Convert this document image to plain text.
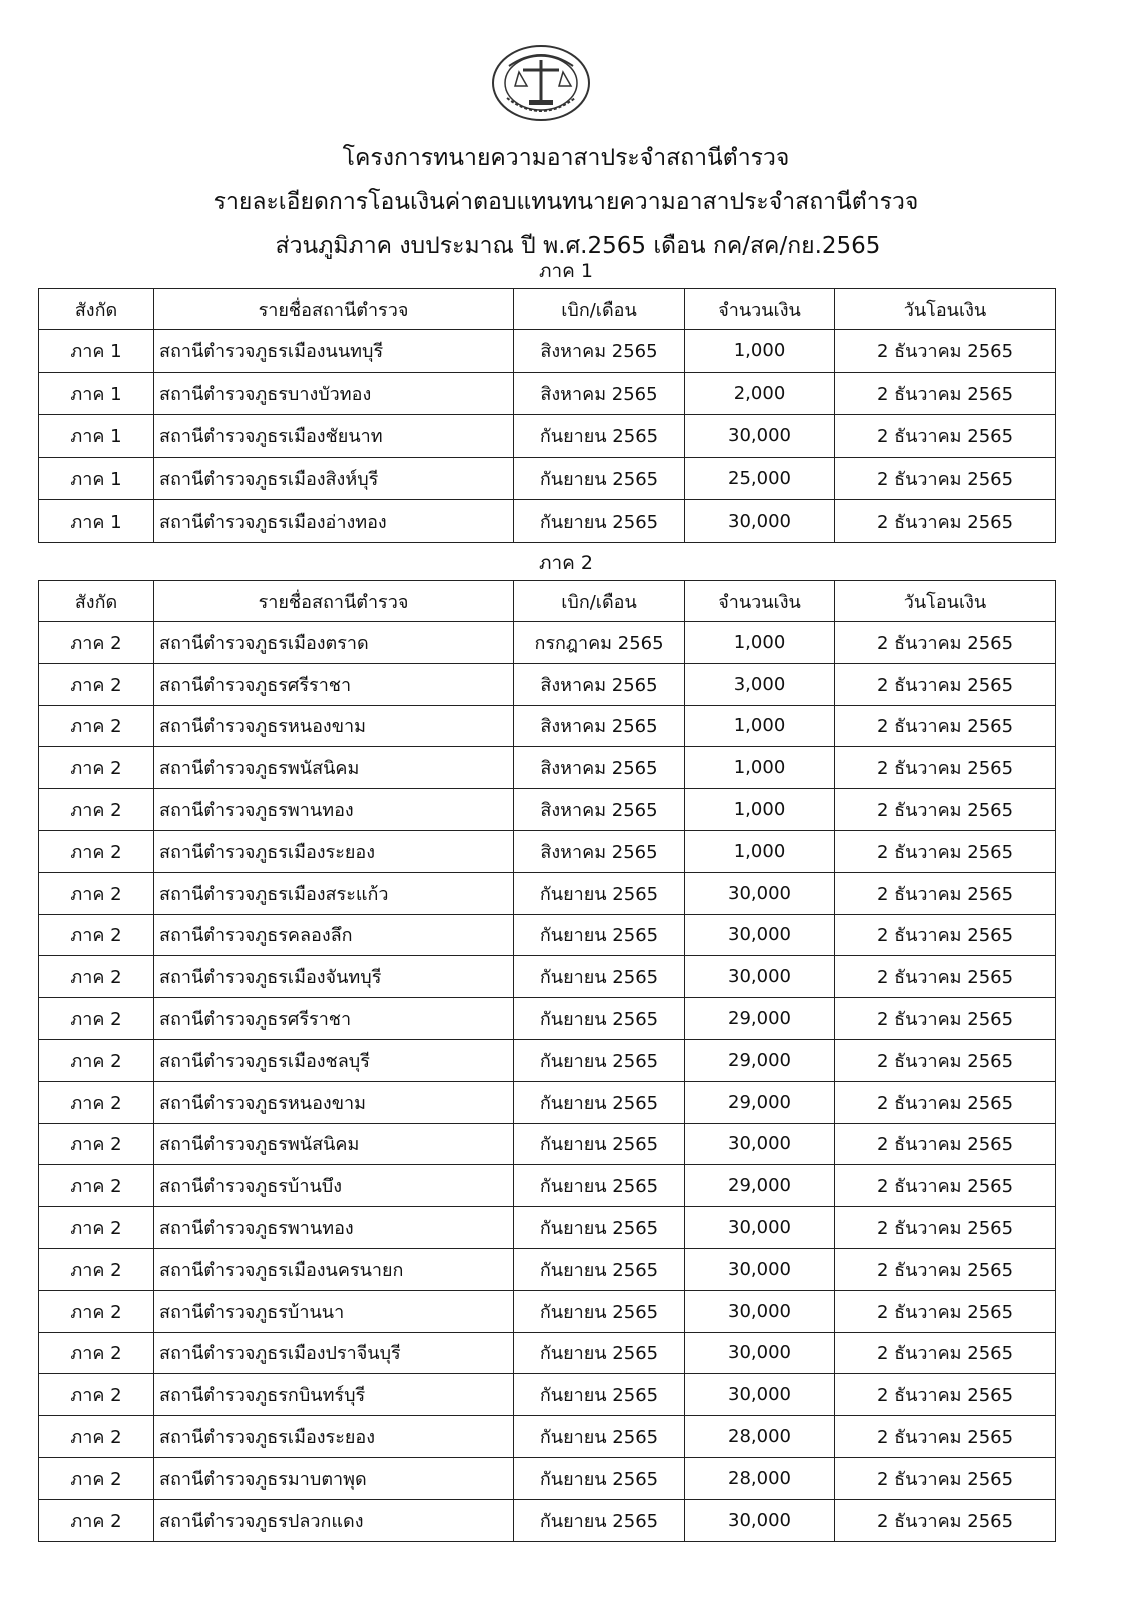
โครงการทนายความอาสาประจำสถานีตำรวจ
รายละเอียดการโอนเงินค่าตอบแทนทนายความอาสาประจำสถานีตำรวจ
ส่วนภูมิภาค งบประมาณ ปี พ.ศ.2565 เดือน กค/สค/กย.2565
ภาค 1
สังกัด	รายชื่อสถานีตำรวจ	เบิก/เดือน	จำนวนเงิน	วันโอนเงิน
ภาค 1	สถานีตำรวจภูธรเมืองนนทบุรี	สิงหาคม 2565	1,000	2 ธันวาคม 2565
ภาค 1	สถานีตำรวจภูธรบางบัวทอง	สิงหาคม 2565	2,000	2 ธันวาคม 2565
ภาค 1	สถานีตำรวจภูธรเมืองชัยนาท	กันยายน 2565	30,000	2 ธันวาคม 2565
ภาค 1	สถานีตำรวจภูธรเมืองสิงห์บุรี	กันยายน 2565	25,000	2 ธันวาคม 2565
ภาค 1	สถานีตำรวจภูธรเมืองอ่างทอง	กันยายน 2565	30,000	2 ธันวาคม 2565
ภาค 2
สังกัด	รายชื่อสถานีตำรวจ	เบิก/เดือน	จำนวนเงิน	วันโอนเงิน
ภาค 2	สถานีตำรวจภูธรเมืองตราด	กรกฎาคม 2565	1,000	2 ธันวาคม 2565
ภาค 2	สถานีตำรวจภูธรศรีราชา	สิงหาคม 2565	3,000	2 ธันวาคม 2565
ภาค 2	สถานีตำรวจภูธรหนองขาม	สิงหาคม 2565	1,000	2 ธันวาคม 2565
ภาค 2	สถานีตำรวจภูธรพนัสนิคม	สิงหาคม 2565	1,000	2 ธันวาคม 2565
ภาค 2	สถานีตำรวจภูธรพานทอง	สิงหาคม 2565	1,000	2 ธันวาคม 2565
ภาค 2	สถานีตำรวจภูธรเมืองระยอง	สิงหาคม 2565	1,000	2 ธันวาคม 2565
ภาค 2	สถานีตำรวจภูธรเมืองสระแก้ว	กันยายน 2565	30,000	2 ธันวาคม 2565
ภาค 2	สถานีตำรวจภูธรคลองลึก	กันยายน 2565	30,000	2 ธันวาคม 2565
ภาค 2	สถานีตำรวจภูธรเมืองจันทบุรี	กันยายน 2565	30,000	2 ธันวาคม 2565
ภาค 2	สถานีตำรวจภูธรศรีราชา	กันยายน 2565	29,000	2 ธันวาคม 2565
ภาค 2	สถานีตำรวจภูธรเมืองชลบุรี	กันยายน 2565	29,000	2 ธันวาคม 2565
ภาค 2	สถานีตำรวจภูธรหนองขาม	กันยายน 2565	29,000	2 ธันวาคม 2565
ภาค 2	สถานีตำรวจภูธรพนัสนิคม	กันยายน 2565	30,000	2 ธันวาคม 2565
ภาค 2	สถานีตำรวจภูธรบ้านบึง	กันยายน 2565	29,000	2 ธันวาคม 2565
ภาค 2	สถานีตำรวจภูธรพานทอง	กันยายน 2565	30,000	2 ธันวาคม 2565
ภาค 2	สถานีตำรวจภูธรเมืองนครนายก	กันยายน 2565	30,000	2 ธันวาคม 2565
ภาค 2	สถานีตำรวจภูธรบ้านนา	กันยายน 2565	30,000	2 ธันวาคม 2565
ภาค 2	สถานีตำรวจภูธรเมืองปราจีนบุรี	กันยายน 2565	30,000	2 ธันวาคม 2565
ภาค 2	สถานีตำรวจภูธรกบินทร์บุรี	กันยายน 2565	30,000	2 ธันวาคม 2565
ภาค 2	สถานีตำรวจภูธรเมืองระยอง	กันยายน 2565	28,000	2 ธันวาคม 2565
ภาค 2	สถานีตำรวจภูธรมาบตาพุด	กันยายน 2565	28,000	2 ธันวาคม 2565
ภาค 2	สถานีตำรวจภูธรปลวกแดง	กันยายน 2565	30,000	2 ธันวาคม 2565
